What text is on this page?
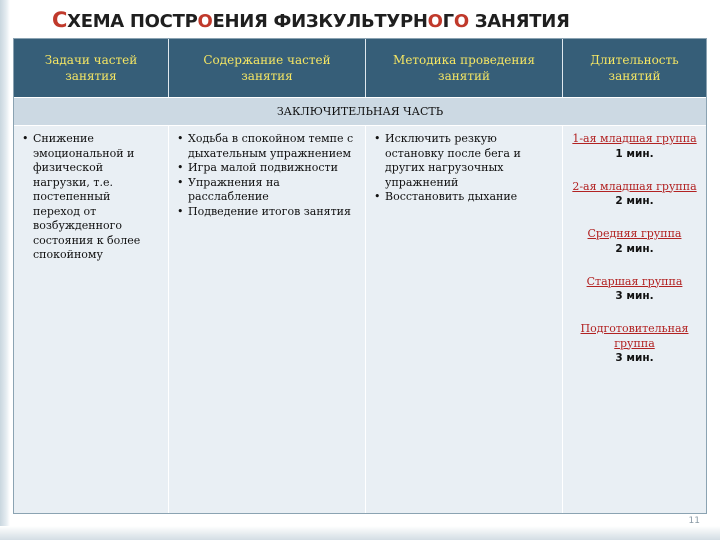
СХЕМА ПОСТРОЕНИЯ ФИЗКУЛЬТУРНОГО ЗАНЯТИЯ
Задачи частей занятия
Содержание частей занятия
Методика проведения занятий
Длительность занятий
ЗАКЛЮЧИТЕЛЬНАЯ ЧАСТЬ
• Снижение эмоциональной и физической нагрузки, т.е. постепенный переход от возбужденного состояния к более спокойному
• Ходьба в спокойном темпе с дыхательным упражнением
• Игра малой подвижности
• Упражнения на расслабление
• Подведение итогов занятия
• Исключить резкую остановку после бега и других нагрузочных упражнений
• Восстановить дыхание
1-ая младшая группа
1 мин.
2-ая младшая группа
2 мин.
Средняя группа
2 мин.
Старшая группа
3 мин.
Подготовительная группа
3 мин.
11
